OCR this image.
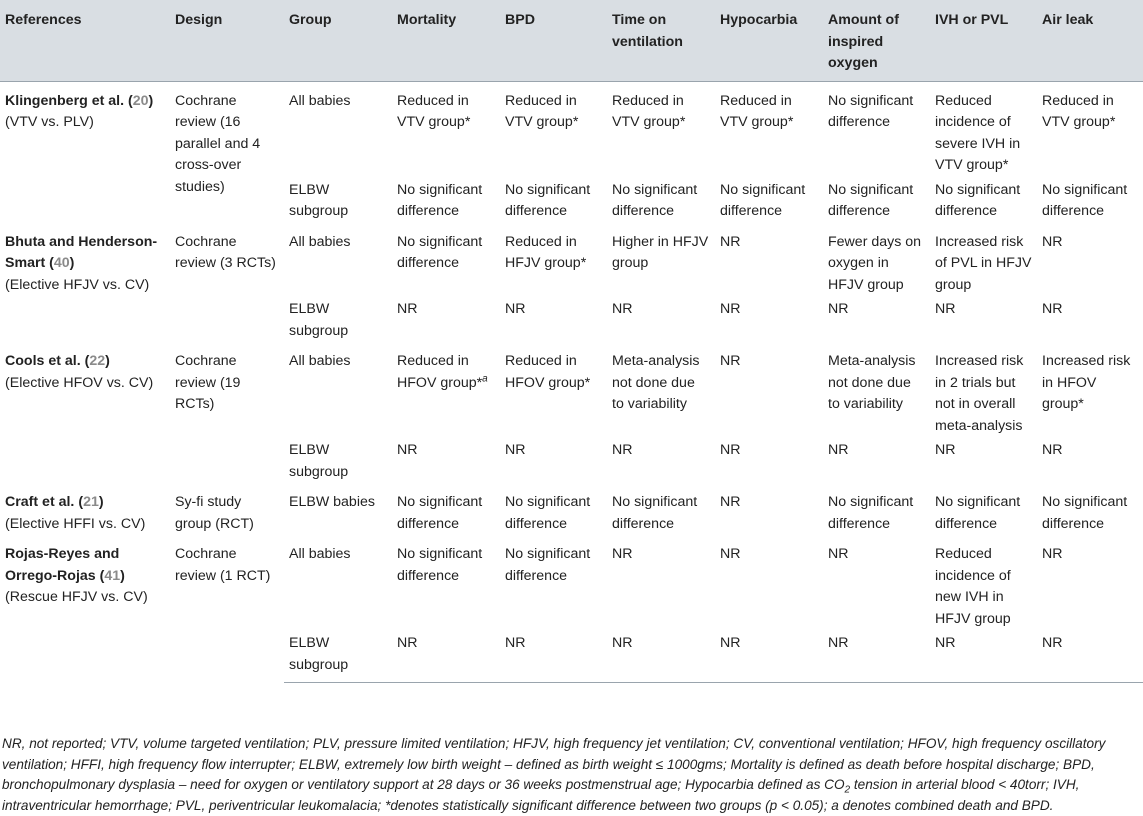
References	Design	Group	Mortality	BPD	Time on ventilation	Hypocarbia	Amount of inspired oxygen	IVH or PVL	Air leak
Klingenberg et al. (20)
(VTV vs. PLV)	Cochrane review (16 parallel and 4 cross-over studies)	All babies	Reduced in VTV group*	Reduced in VTV group*	Reduced in VTV group*	Reduced in VTV group*	No significant difference	Reduced incidence of severe IVH in VTV group*	Reduced in VTV group*
		ELBW subgroup	No significant difference	No significant difference	No significant difference	No significant difference	No significant difference	No significant difference	No significant difference
Bhuta and Henderson-Smart (40)
(Elective HFJV vs. CV)	Cochrane review (3 RCTs)	All babies	No significant difference	Reduced in HFJV group*	Higher in HFJV group	NR	Fewer days on oxygen in HFJV group	Increased risk of PVL in HFJV group	NR
		ELBW subgroup	NR	NR	NR	NR	NR	NR	NR
Cools et al. (22)
(Elective HFOV vs. CV)	Cochrane review (19 RCTs)	All babies	Reduced in HFOV group*$^a$	Reduced in HFOV group*	Meta-analysis not done due to variability	NR	Meta-analysis not done due to variability	Increased risk in 2 trials but not in overall meta-analysis	Increased risk in HFOV group*
		ELBW subgroup	NR	NR	NR	NR	NR	NR	NR
Craft et al. (21)
(Elective HFFI vs. CV)	Sy-fi study group (RCT)	ELBW babies	No significant difference	No significant difference	No significant difference	NR	No significant difference	No significant difference	No significant difference
Rojas-Reyes and Orrego-Rojas (41)
(Rescue HFJV vs. CV)	Cochrane review (1 RCT)	All babies	No significant difference	No significant difference	NR	NR	NR	Reduced incidence of new IVH in HFJV group	NR
		ELBW subgroup	NR	NR	NR	NR	NR	NR	NR
NR, not reported; VTV, volume targeted ventilation; PLV, pressure limited ventilation; HFJV, high frequency jet ventilation; CV, conventional ventilation; HFOV, high frequency oscillatory ventilation; HFFI, high frequency flow interrupter; ELBW, extremely low birth weight – defined as birth weight ≤ 1000gms; Mortality is defined as death before hospital discharge; BPD, bronchopulmonary dysplasia – need for oxygen or ventilatory support at 28 days or 36 weeks postmenstrual age; Hypocarbia defined as $CO_2$ tension in arterial blood < 40torr; IVH, intraventricular hemorrhage; PVL, periventricular leukomalacia; *denotes statistically significant difference between two groups (p < 0.05); a denotes combined death and BPD.
